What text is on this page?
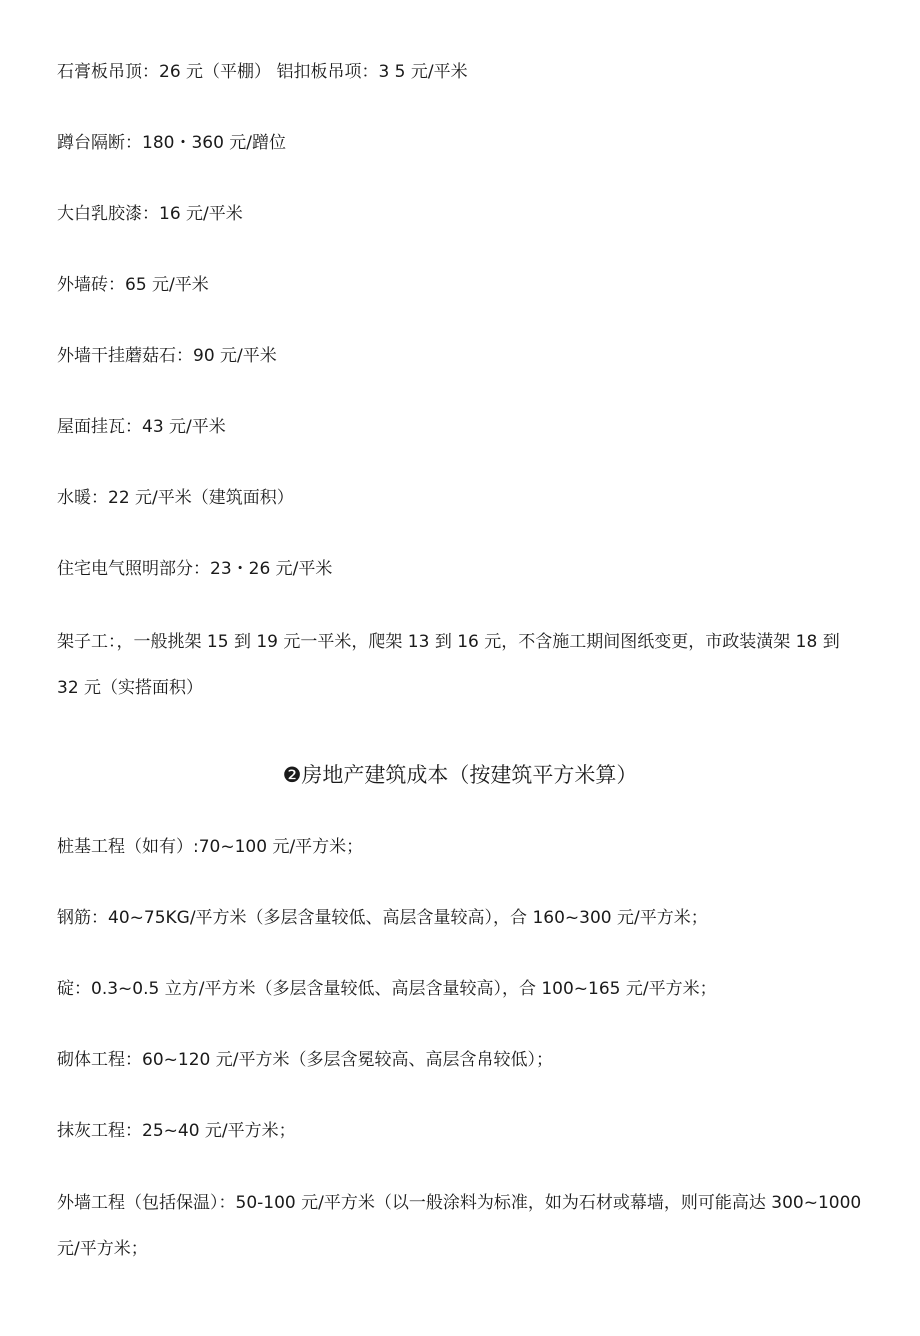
石膏板吊顶：26 元（平棚） 铝扣板吊项：3 5 元/平米
蹲台隔断：180・360 元/蹭位
大白乳胶漆：16 元/平米
外墙砖：65 元/平米
外墙干挂蘑菇石：90 元/平米
屋面挂瓦：43 元/平米
水暖：22 元/平米（建筑面积）
住宅电气照明部分：23・26 元/平米
架子工：，一般挑架 15 到 19 元一平米，爬架 13 到 16 元，不含施工期间图纸变更，市政装潢架 18 到 32 元（实搭面积）
❷房地产建筑成本（按建筑平方米算）
桩基工程（如有）:70~100 元/平方米；
钢筋：40~75KG/平方米（多层含量较低、高层含量较高），合 160~300 元/平方米；
碇：0.3~0.5 立方/平方米（多层含量较低、高层含量较高），合 100~165 元/平方米；
砌体工程：60~120 元/平方米（多层含冕较高、高层含帛较低）；
抹灰工程：25~40 元/平方米；
外墙工程（包括保温）：50-100 元/平方米（以一般涂料为标准，如为石材或幕墙，则可能高达 300~1000 元/平方米；
